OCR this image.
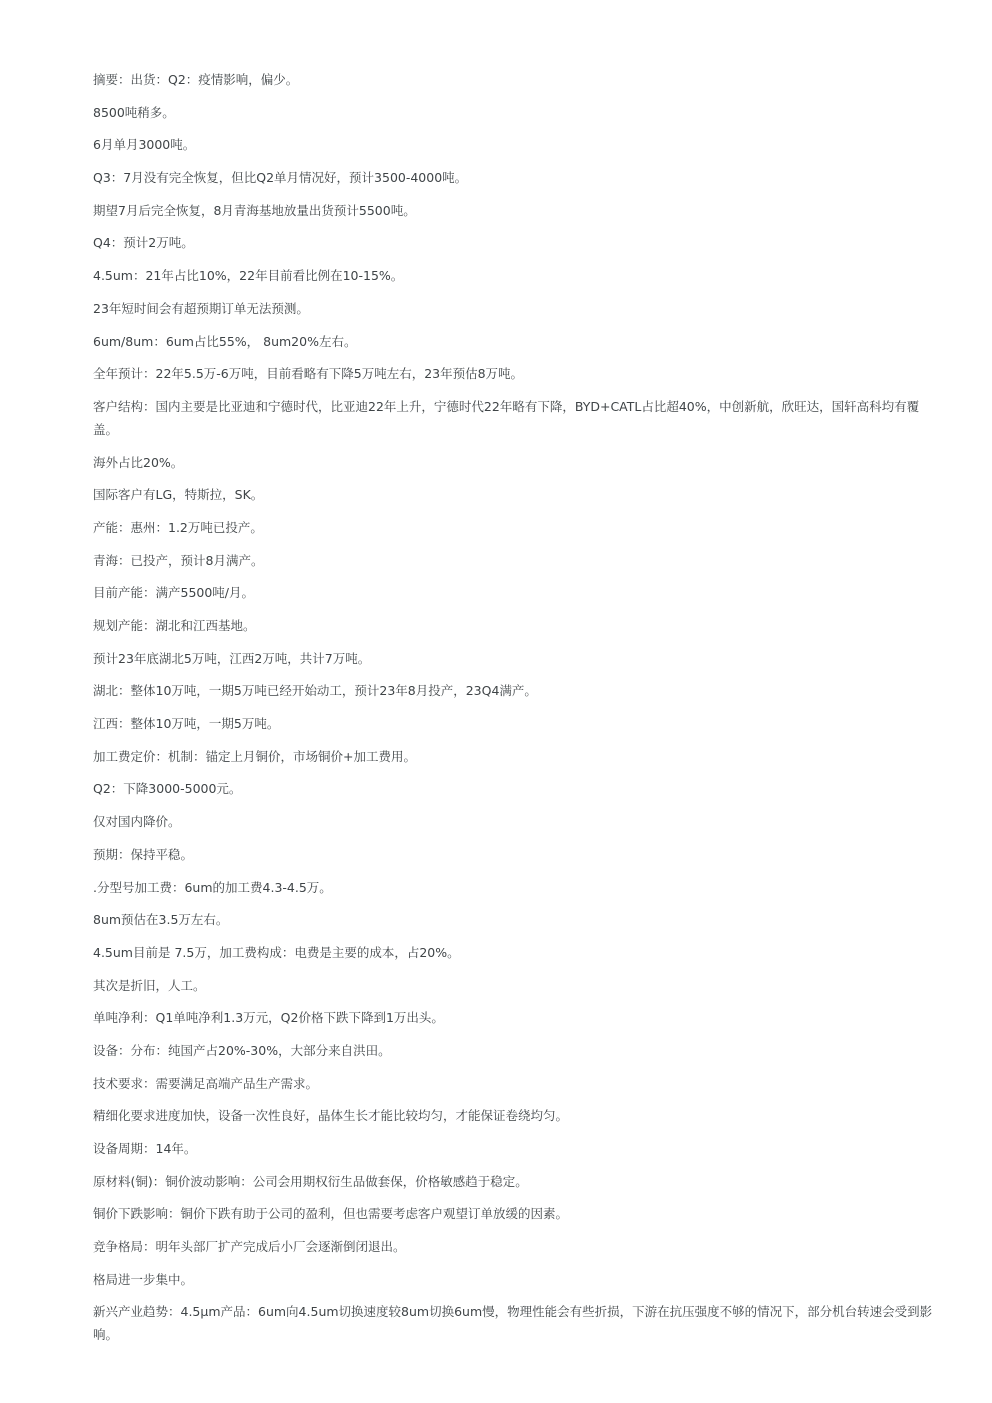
摘要：出货：Q2：疫情影响，偏少。

8500吨稍多。

6月单月3000吨。

Q3：7月没有完全恢复，但比Q2单月情况好，预计3500-4000吨。

期望7月后完全恢复，8月青海基地放量出货预计5500吨。

Q4：预计2万吨。

4.5um：21年占比10%，22年目前看比例在10-15%。

23年短时间会有超预期订单无法预测。

6um/8um：6um占比55%， 8um20%左右。

全年预计：22年5.5万-6万吨，目前看略有下降5万吨左右，23年预估8万吨。

客户结构：国内主要是比亚迪和宁德时代，比亚迪22年上升，宁德时代22年略有下降，BYD+CATL占比超40%，中创新航，欣旺达，国轩高科均有覆盖。

海外占比20%。

国际客户有LG，特斯拉，SK。

产能：惠州：1.2万吨已投产。

青海：已投产，预计8月满产。

目前产能：满产5500吨/月。

规划产能：湖北和江西基地。

预计23年底湖北5万吨，江西2万吨，共计7万吨。

湖北：整体10万吨，一期5万吨已经开始动工，预计23年8月投产，23Q4满产。

江西：整体10万吨，一期5万吨。

加工费定价：机制：锚定上月铜价，市场铜价+加工费用。

Q2：下降3000-5000元。

仅对国内降价。

预期：保持平稳。

.分型号加工费：6um的加工费4.3-4.5万。

8um预估在3.5万左右。

4.5um目前是 7.5万，加工费构成：电费是主要的成本，占20%。

其次是折旧，人工。

单吨净利：Q1单吨净利1.3万元，Q2价格下跌下降到1万出头。

设备：分布：纯国产占20%-30%，大部分来自洪田。

技术要求：需要满足高端产品生产需求。

精细化要求进度加快，设备一次性良好，晶体生长才能比较均匀，才能保证卷绕均匀。

设备周期：14年。

原材料(铜)：铜价波动影响：公司会用期权衍生品做套保，价格敏感趋于稳定。

铜价下跌影响：铜价下跌有助于公司的盈利，但也需要考虑客户观望订单放缓的因素。

竞争格局：明年头部厂扩产完成后小厂会逐渐倒闭退出。

格局进一步集中。

新兴产业趋势：4.5μm产品：6um向4.5um切换速度较8um切换6um慢，物理性能会有些折损，下游在抗压强度不够的情况下，部分机台转速会受到影响。
